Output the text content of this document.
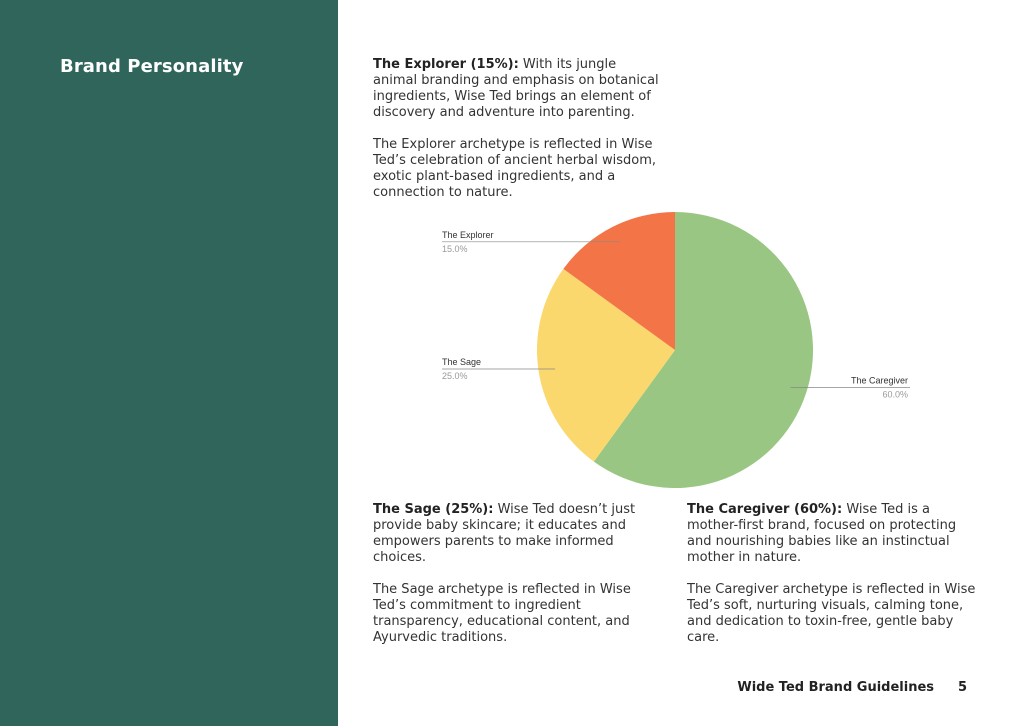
Brand Personality	The Explorer (15%): With its jungle animal branding and emphasis on botanical ingredients, Wise Ted brings an element of discovery and adventure into parenting.

The Explorer archetype is reflected in Wise Ted’s celebration of ancient herbal wisdom, exotic plant-based ingredients, and a connection to nature.

The Caregiver
60.0%
The Sage
25.0%
The Explorer
15.0%

The Sage (25%): Wise Ted doesn’t just provide baby skincare; it educates and empowers parents to make informed choices.

The Sage archetype is reflected in Wise Ted’s commitment to ingredient transparency, educational content, and Ayurvedic traditions.

The Caregiver (60%): Wise Ted is a mother-first brand, focused on protecting and nourishing babies like an instinctual mother in nature.

The Caregiver archetype is reflected in Wise Ted’s soft, nurturing visuals, calming tone, and dedication to toxin-free, gentle baby care.

Wide Ted Brand Guidelines 5
